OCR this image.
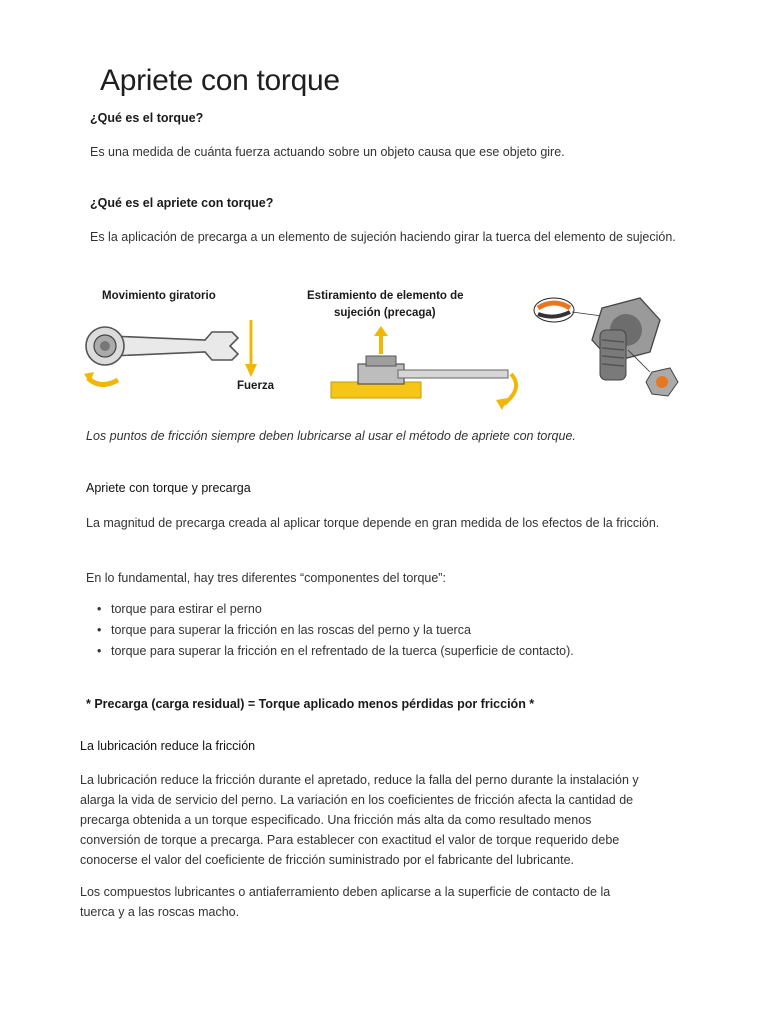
Apriete con torque
¿Qué es el torque?
Es una medida de cuánta fuerza actuando sobre un objeto causa que ese objeto gire.
¿Qué es el apriete con torque?
Es la aplicación de precarga a un elemento de sujeción haciendo girar la tuerca del elemento de sujeción.
Movimiento giratorio
Fuerza
Estiramiento de elemento de
sujeción (precaga)
Los puntos de fricción siempre deben lubricarse al usar el método de apriete con torque.
Apriete con torque y precarga
La magnitud de precarga creada al aplicar torque depende en gran medida de los efectos de la fricción.
En lo fundamental, hay tres diferentes “componentes del torque”:
• torque para estirar el perno
• torque para superar la fricción en las roscas del perno y la tuerca
• torque para superar la fricción en el refrentado de la tuerca (superficie de contacto).
* Precarga (carga residual) = Torque aplicado menos pérdidas por fricción *
La lubricación reduce la fricción
La lubricación reduce la fricción durante el apretado, reduce la falla del perno durante la instalación y
alarga la vida de servicio del perno. La variación en los coeficientes de fricción afecta la cantidad de
precarga obtenida a un torque especificado. Una fricción más alta da como resultado menos
conversión de torque a precarga. Para establecer con exactitud el valor de torque requerido debe
conocerse el valor del coeficiente de fricción suministrado por el fabricante del lubricante.
Los compuestos lubricantes o antiaferramiento deben aplicarse a la superficie de contacto de la
tuerca y a las roscas macho.
